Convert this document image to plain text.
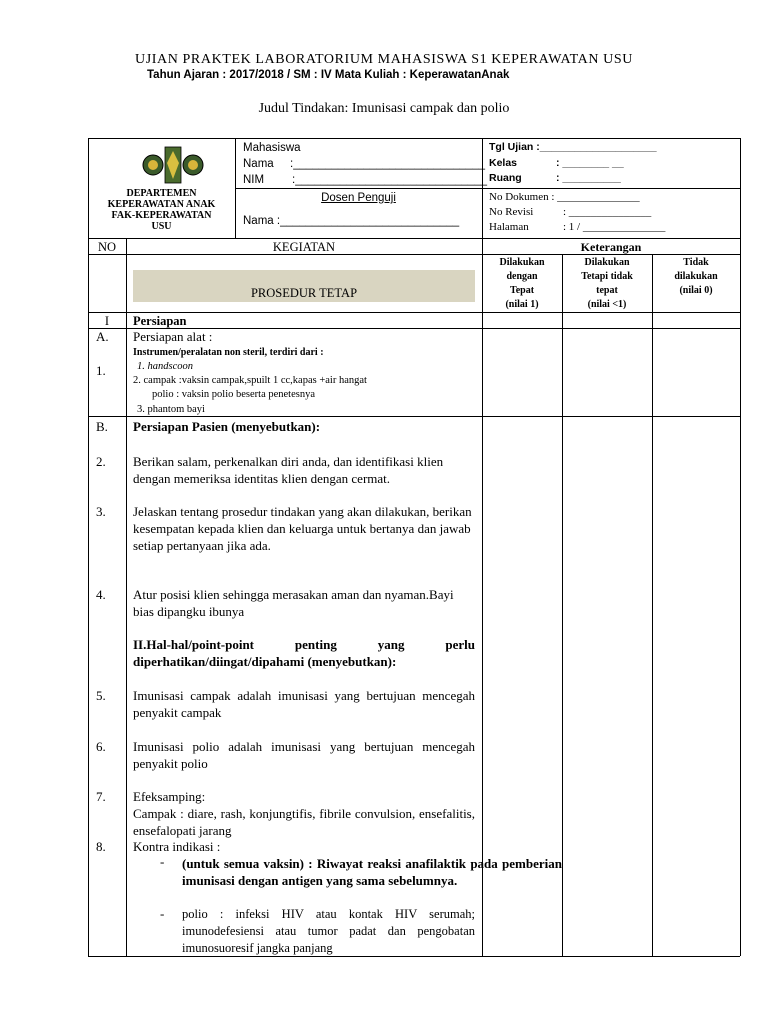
UJIAN PRAKTEK LABORATORIUM MAHASISWA S1 KEPERAWATAN USU
Tahun Ajaran : 2017/2018 / SM : IV Mata Kuliah : KeperawatanAnak
Judul Tindakan: Imunisasi campak dan polio
DEPARTEMEN
KEPERAWATAN ANAK
FAK-KEPERAWATAN
USU
Mahasiswa
Nama :______________________________
NIM :______________________________
Dosen Penguji
Nama :____________________________
Tgl Ujian :____________________
Kelas	: ________ __
Ruang	: __________
No Dokumen : _______________
No Revisi	: _______________
Halaman	: 1 / _______________
NO	KEGIATAN	Keterangan
PROSEDUR TETAP
Dilakukan
dengan
Tepat
(nilai 1)
Dilakukan
Tetapi tidak
tepat
(nilai <1)
Tidak
dilakukan
(nilai 0)
I	Persiapan
A. Persiapan alat :
Instrumen/peralatan non steril, terdiri dari :
1.	1. handscoon
2. campak :vaksin campak,spuilt 1 cc,kapas +air hangat
polio : vaksin polio beserta penetesnya
3. phantom bayi
B. Persiapan Pasien (menyebutkan):
2. Berikan salam, perkenalkan diri anda, dan identifikasi klien dengan memeriksa identitas klien dengan cermat.
3. Jelaskan tentang prosedur tindakan yang akan dilakukan, berikan kesempatan kepada klien dan keluarga untuk bertanya dan jawab setiap pertanyaan jika ada.
4. Atur posisi klien sehingga merasakan aman dan nyaman.Bayi bias dipangku ibunya
II.Hal-hal/point-point penting yang perlu
diperhatikan/diingat/dipahami (menyebutkan):
5. Imunisasi campak adalah imunisasi yang bertujuan mencegah penyakit campak
6. Imunisasi polio adalah imunisasi yang bertujuan mencegah penyakit polio
7. Efeksamping:
Campak : diare, rash, konjungtifis, fibrile convulsion, ensefalitis, ensefalopati jarang
8. Kontra indikasi :
- (untuk semua vaksin) : Riwayat reaksi anafilaktik pada pemberian imunisasi dengan antigen yang sama sebelumnya.
- polio : infeksi HIV atau kontak HIV serumah; imunodefesiensi atau tumor padat dan pengobatan imunosuoresif jangka panjang
